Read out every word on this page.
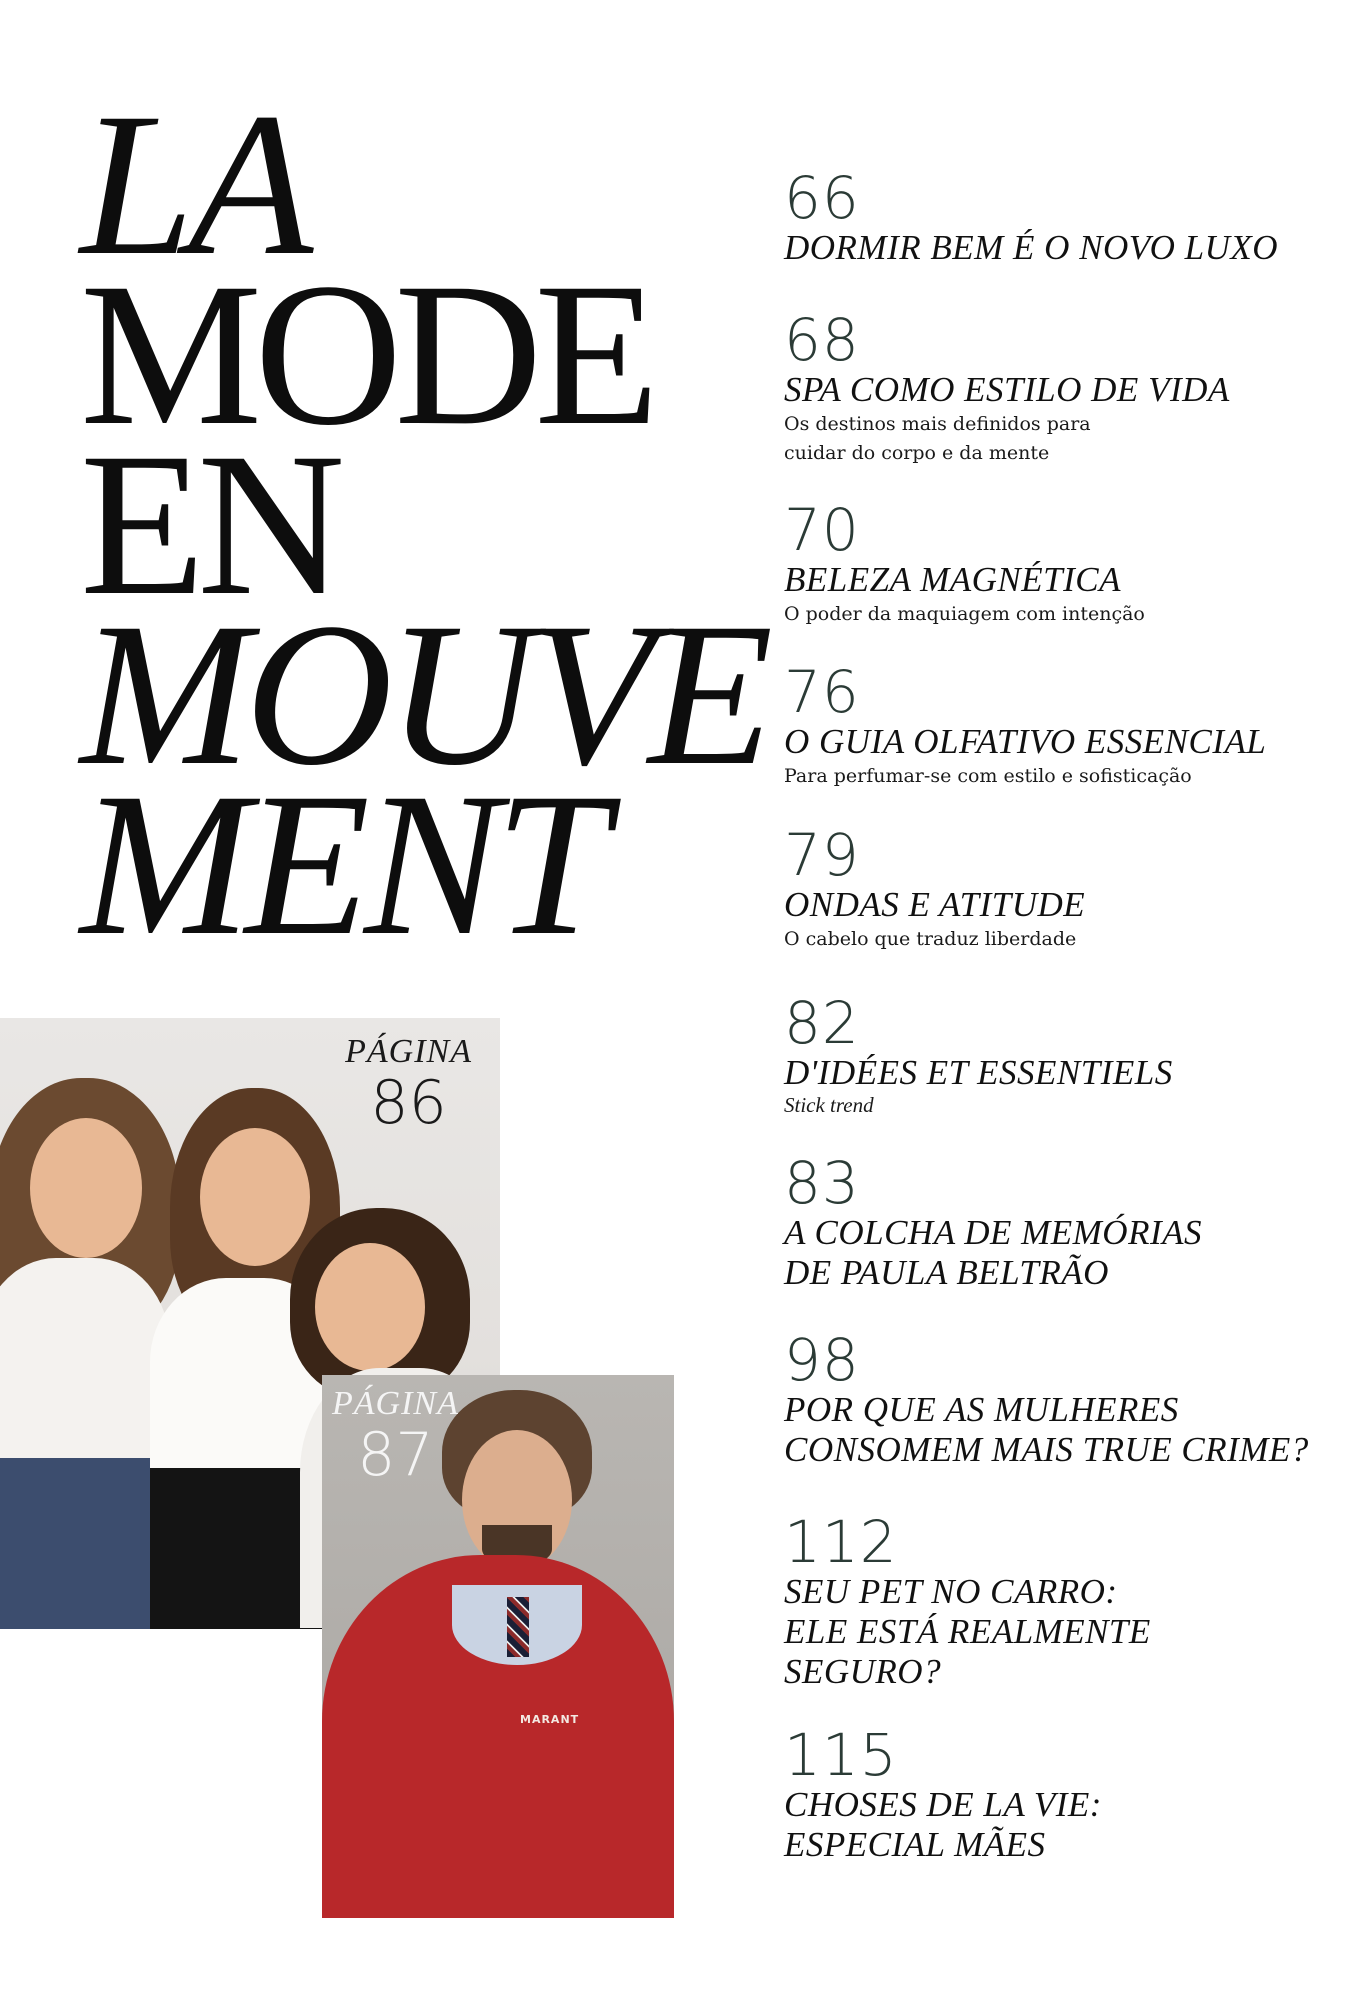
LA
MODE
EN
MOUVE
MENT
PÁGINA
86
MARANT
PÁGINA
87
66
DORMIR BEM É O NOVO LUXO
68
SPA COMO ESTILO DE VIDA
Os destinos mais definidos para
cuidar do corpo e da mente
70
BELEZA MAGNÉTICA
O poder da maquiagem com intenção
76
O GUIA OLFATIVO ESSENCIAL
Para perfumar-se com estilo e sofisticação
79
ONDAS E ATITUDE
O cabelo que traduz liberdade
82
D'IDÉES ET ESSENTIELS
Stick trend
83
A COLCHA DE MEMÓRIAS
DE PAULA BELTRÃO
98
POR QUE AS MULHERES
CONSOMEM MAIS TRUE CRIME?
112
SEU PET NO CARRO:
ELE ESTÁ REALMENTE
SEGURO?
115
CHOSES DE LA VIE:
ESPECIAL MÃES
